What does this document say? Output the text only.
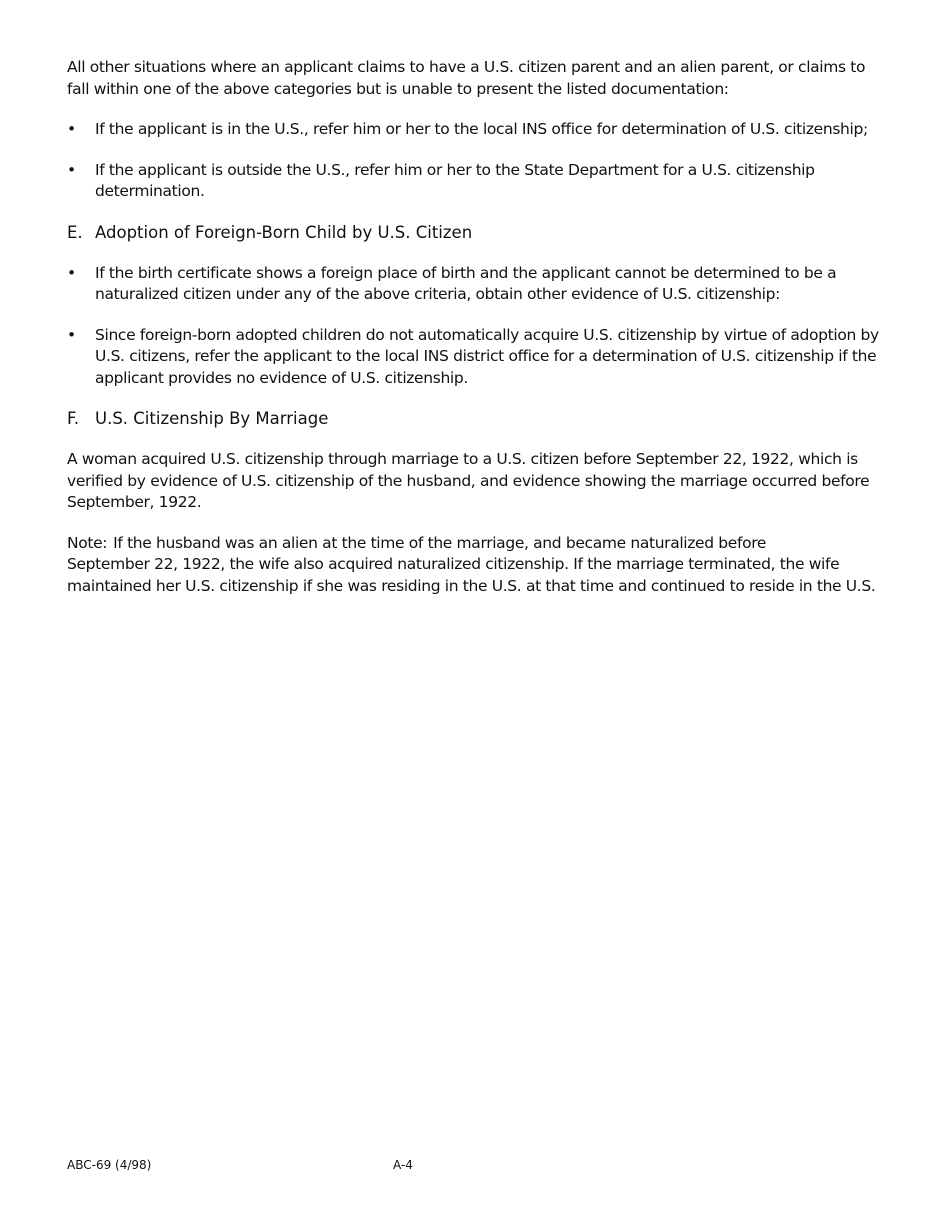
All other situations where an applicant claims to have a U.S. citizen parent and an alien parent, or claims to fall within one of the above categories but is unable to present the listed documentation:

• If the applicant is in the U.S., refer him or her to the local INS office for determination of U.S. citizenship;
• If the applicant is outside the U.S., refer him or her to the State Department for a U.S. citizenship determination.
E. Adoption of Foreign-Born Child by U.S. Citizen
• If the birth certificate shows a foreign place of birth and the applicant cannot be determined to be a naturalized citizen under any of the above criteria, obtain other evidence of U.S. citizenship:
• Since foreign-born adopted children do not automatically acquire U.S. citizenship by virtue of adoption by U.S. citizens, refer the applicant to the local INS district office for a determination of U.S. citizenship if the applicant provides no evidence of U.S. citizenship.
F. U.S. Citizenship By Marriage

A woman acquired U.S. citizenship through marriage to a U.S. citizen before September 22, 1922, which is verified by evidence of U.S. citizenship of the husband, and evidence showing the marriage occurred before September, 1922.

Note: If the husband was an alien at the time of the marriage, and became naturalized before
September 22, 1922, the wife also acquired naturalized citizenship. If the marriage terminated, the wife maintained her U.S. citizenship if she was residing in the U.S. at that time and continued to reside in the U.S.

ABC-69 (4/98)	A-4
